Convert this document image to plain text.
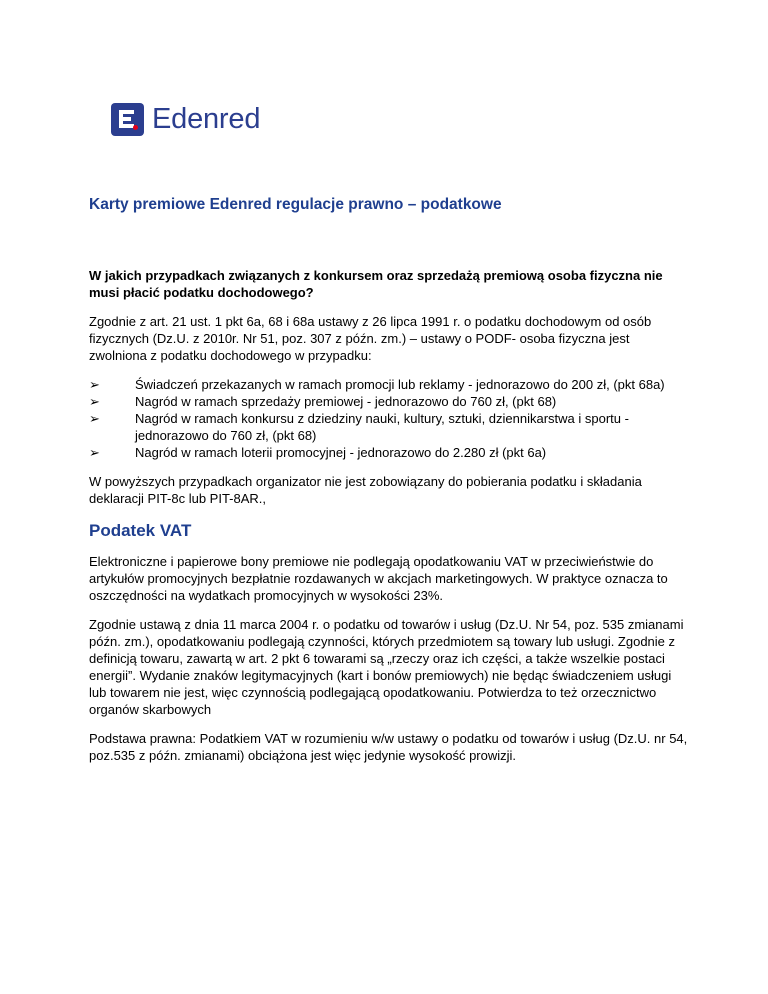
Edenred
Karty premiowe Edenred regulacje prawno – podatkowe

W jakich przypadkach związanych z konkursem oraz sprzedażą premiową osoba fizyczna nie musi płacić podatku dochodowego?

Zgodnie z art. 21 ust. 1 pkt 6a, 68 i 68a ustawy z 26 lipca 1991 r. o podatku dochodowym od osób fizycznych (Dz.U. z 2010r. Nr 51, poz. 307 z późn. zm.) – ustawy o PODF- osoba fizyczna jest zwolniona z podatku dochodowego w przypadku:

➢	Świadczeń przekazanych w ramach promocji lub reklamy - jednorazowo do 200 zł, (pkt 68a)
➢	Nagród w ramach sprzedaży premiowej - jednorazowo do 760 zł, (pkt 68)
➢	Nagród w ramach konkursu z dziedziny nauki, kultury, sztuki, dziennikarstwa i sportu - jednorazowo do 760 zł, (pkt 68)
➢	Nagród w ramach loterii promocyjnej - jednorazowo do 2.280 zł (pkt 6a)

W powyższych przypadkach organizator nie jest zobowiązany do pobierania podatku i składania deklaracji PIT-8c lub PIT-8AR.,

Podatek VAT

Elektroniczne i papierowe bony premiowe nie podlegają opodatkowaniu VAT w przeciwieństwie do artykułów promocyjnych bezpłatnie rozdawanych w akcjach marketingowych. W praktyce oznacza to oszczędności na wydatkach promocyjnych w wysokości 23%.

Zgodnie ustawą z dnia 11 marca 2004 r. o podatku od towarów i usług (Dz.U. Nr 54, poz. 535 zmianami późn. zm.), opodatkowaniu podlegają czynności, których przedmiotem są towary lub usługi. Zgodnie z definicją towaru, zawartą w art. 2 pkt 6 towarami są „rzeczy oraz ich części, a także wszelkie postaci energii”. Wydanie znaków legitymacyjnych (kart i bonów premiowych) nie będąc świadczeniem usługi lub towarem nie jest, więc czynnością podlegającą opodatkowaniu. Potwierdza to też orzecznictwo organów skarbowych

Podstawa prawna: Podatkiem VAT w rozumieniu w/w ustawy o podatku od towarów i usług (Dz.U. nr 54, poz.535 z późn. zmianami) obciążona jest więc jedynie wysokość prowizji.
